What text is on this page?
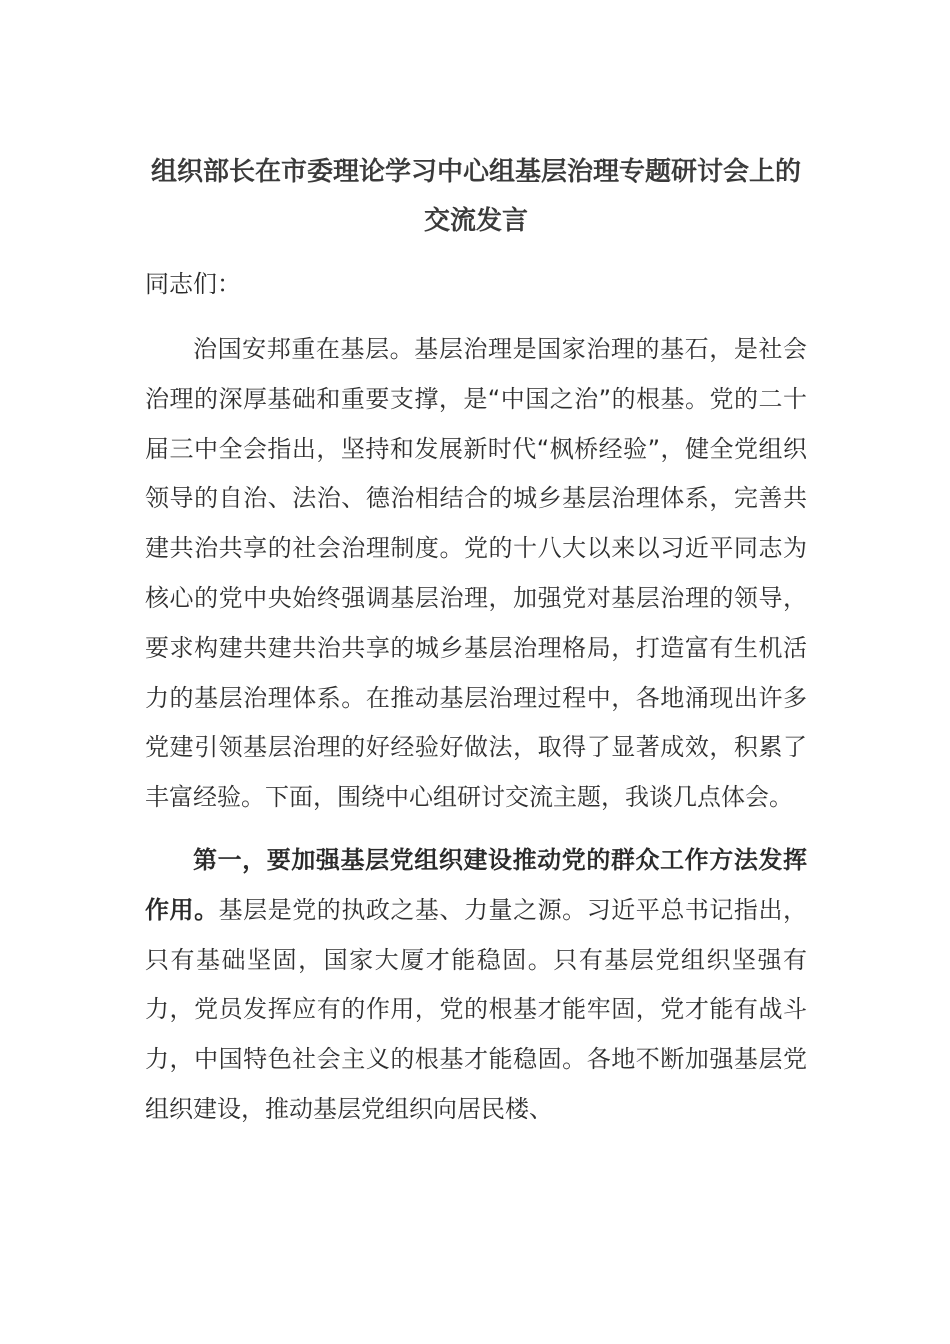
组织部长在市委理论学习中心组基层治理专题研讨会上的交流发言

同志们：

治国安邦重在基层。基层治理是国家治理的基石，是社会治理的深厚基础和重要支撑，是“中国之治”的根基。党的二十届三中全会指出，坚持和发展新时代“枫桥经验”，健全党组织领导的自治、法治、德治相结合的城乡基层治理体系，完善共建共治共享的社会治理制度。党的十八大以来以习近平同志为核心的党中央始终强调基层治理，加强党对基层治理的领导，要求构建共建共治共享的城乡基层治理格局，打造富有生机活力的基层治理体系。在推动基层治理过程中，各地涌现出许多党建引领基层治理的好经验好做法，取得了显著成效，积累了丰富经验。下面，围绕中心组研讨交流主题，我谈几点体会。

第一，要加强基层党组织建设推动党的群众工作方法发挥作用。基层是党的执政之基、力量之源。习近平总书记指出，只有基础坚固，国家大厦才能稳固。只有基层党组织坚强有力，党员发挥应有的作用，党的根基才能牢固，党才能有战斗力，中国特色社会主义的根基才能稳固。各地不断加强基层党组织建设，推动基层党组织向居民楼、
